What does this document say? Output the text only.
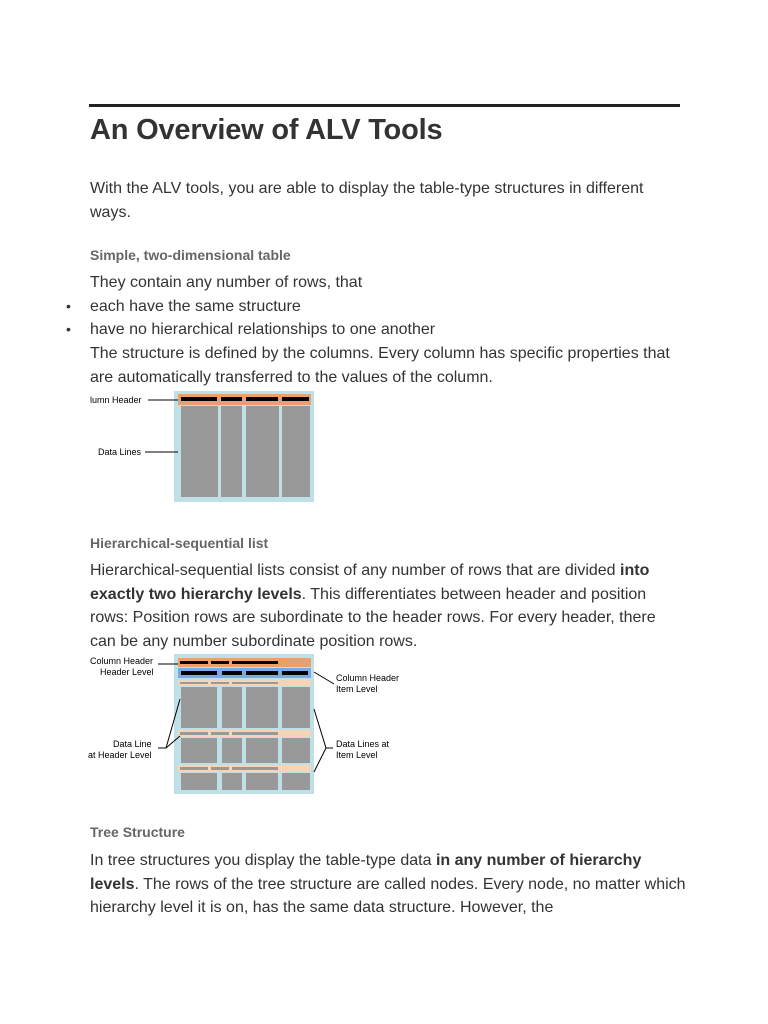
An Overview of ALV Tools

With the ALV tools, you are able to display the table-type structures in different ways.

Simple, two-dimensional table

They contain any number of rows, that

• each have the same structure

• have no hierarchical relationships to one another

The structure is defined by the columns. Every column has specific properties that are automatically transferred to the values of the column.

lumn Header
Data Lines
Hierarchical-sequential list

Hierarchical-sequential lists consist of any number of rows that are divided into exactly two hierarchy levels. This differentiates between header and position rows: Position rows are subordinate to the header rows. For every header, there can be any number subordinate position rows.

Column Header
Header Level
Data Line
at Header Level
Column Header
Item Level
Data Lines at
Item Level
Tree Structure

In tree structures you display the table-type data in any number of hierarchy levels. The rows of the tree structure are called nodes. Every node, no matter which hierarchy level it is on, has the same data structure. However, the
